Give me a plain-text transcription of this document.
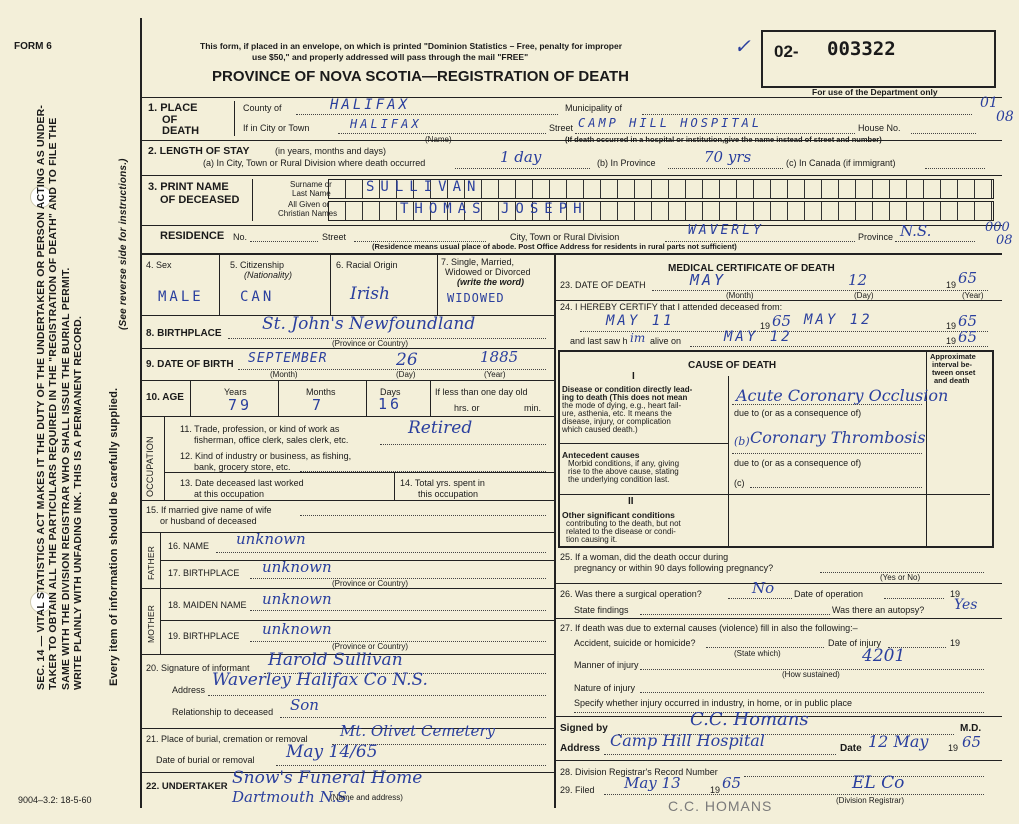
SEC. 14 — VITAL STATISTICS ACT MAKES IT THE DUTY OF THE UNDERTAKER OR PERSON ACTING AS UNDER- TAKER TO OBTAIN ALL THE PARTICULARS REQUIRED IN THE "REGISTRATION OF DEATH" AND TO FILE THE SAME WITH THE DIVISION REGISTRAR WHO SHALL ISSUE THE BURIAL PERMIT. WRITE PLAINLY WITH UNFADING INK. THIS IS A PERMANENT RECORD. Every item of information should be carefully supplied.
(See reverse side for instructions.)
FORM 6
9004–3.2: 18-5-60
This form, if placed in an envelope, on which is printed "Dominion Statistics – Free, penalty for improper
use $50," and properly addressed will pass through the mail "FREE"
PROVINCE OF NOVA SCOTIA—REGISTRATION OF DEATH
✓ 02- 003322
For use of the Department only
1. PLACE
OF
DEATH
County of	HALIFAX	Municipality of
If in City or Town	HALIFAX
(Name)
Street CAMP HILL HOSPITAL	House No.
(If death occurred in a hospital or institution,give the name instead of street and number)
01
08
2. LENGTH OF STAY	(in years, months and days)
(a) In City, Town or Rural Division where death occurred	1 day	(b) In Province	70 yrs	(c) In Canada (if immigrant)
3. PRINT NAME
OF DECEASED
Surname or
Last Name
All Given or
Christian Names
SULLIVAN
THOMAS JOSEPH
RESIDENCE No.	Street	City, Town or Rural Division	WAVERLY	Province N.S.
(Residence means usual place of abode. Post Office Address for residents in rural parts not sufficient)
000
08
4. Sex	5. Citizenship
(Nationality)
6. Racial Origin	7. Single, Married,
Widowed or Divorced
(write the word)
MALE	CAN	Irish	WIDOWED
8. BIRTHPLACE St. John's Newfoundland
(Province or Country)
9. DATE OF BIRTH SEPTEMBER	26	1885
(Month)	(Day)	(Year)
10. AGE	Years	Months	Days	If less than one day old
hrs. or	min.
79	7	16
OCCUPATION
11. Trade, profession, or kind of work as
fisherman, office clerk, sales clerk, etc.
Retired
12. Kind of industry or business, as fishing,
bank, grocery store, etc.
13. Date deceased last worked
at this occupation
14. Total yrs. spent in
this occupation
15. If married give name of wife
or husband of deceased
FATHER 16. NAME unknown
17. BIRTHPLACE unknown
(Province or Country)
MOTHER 18. MAIDEN NAME unknown
19. BIRTHPLACE unknown
(Province or Country)
20. Signature of informant Harold Sullivan
Address Waverley Halifax Co N.S.
Relationship to deceased Son
21. Place of burial, cremation or removal Mt. Olivet Cemetery
Date of burial or removal May 14/65
22. UNDERTAKER Snow's Funeral Home
Dartmouth N.S.
(Name and address)
MEDICAL CERTIFICATE OF DEATH
23. DATE OF DEATH	MAY	12	19 65
(Month)	(Day)	(Year)
24. I HEREBY CERTIFY that I attended deceased from:
MAY 11	19 65 MAY 12	19 65
and last saw h im alive on	MAY 12	19 65
CAUSE OF DEATH
Approximate
interval be-
tween onset
and death
I
Disease or condition directly lead-
ing to death (This does not mean
the mode of dying, e.g., heart fail-
ure, asthenia, etc. It means the
disease, injury, or complication
which caused death.)
Acute Coronary Occlusion
due to (or as a consequence of)
(b) Coronary Thrombosis
Antecedent causes
Morbid conditions, if any, giving
rise to the above cause, stating
the underlying condition last.
due to (or as a consequence of)
(c)
II
Other significant conditions
contributing to the death, but not
related to the disease or condi-
tion causing it.
25. If a woman, did the death occur during
pregnancy or within 90 days following pregnancy?
(Yes or No)
26. Was there a surgical operation?	No Date of operation	19
State findings	Was there an autopsy? Yes
27. If death was due to external causes (violence) fill in also the following:–
Accident, suicide or homicide?	Date of injury	19
(State which)	4201
Manner of injury
(How sustained)
Nature of injury
Specify whether injury occurred in industry, in home, or in public place
Signed by	C.C. Homans	M.D.
Address Camp Hill Hospital	Date 12 May 19 65
28. Division Registrar's Record Number
29. Filed May 13	19 65	EL Co
(Division Registrar)
C.C. HOMANS
